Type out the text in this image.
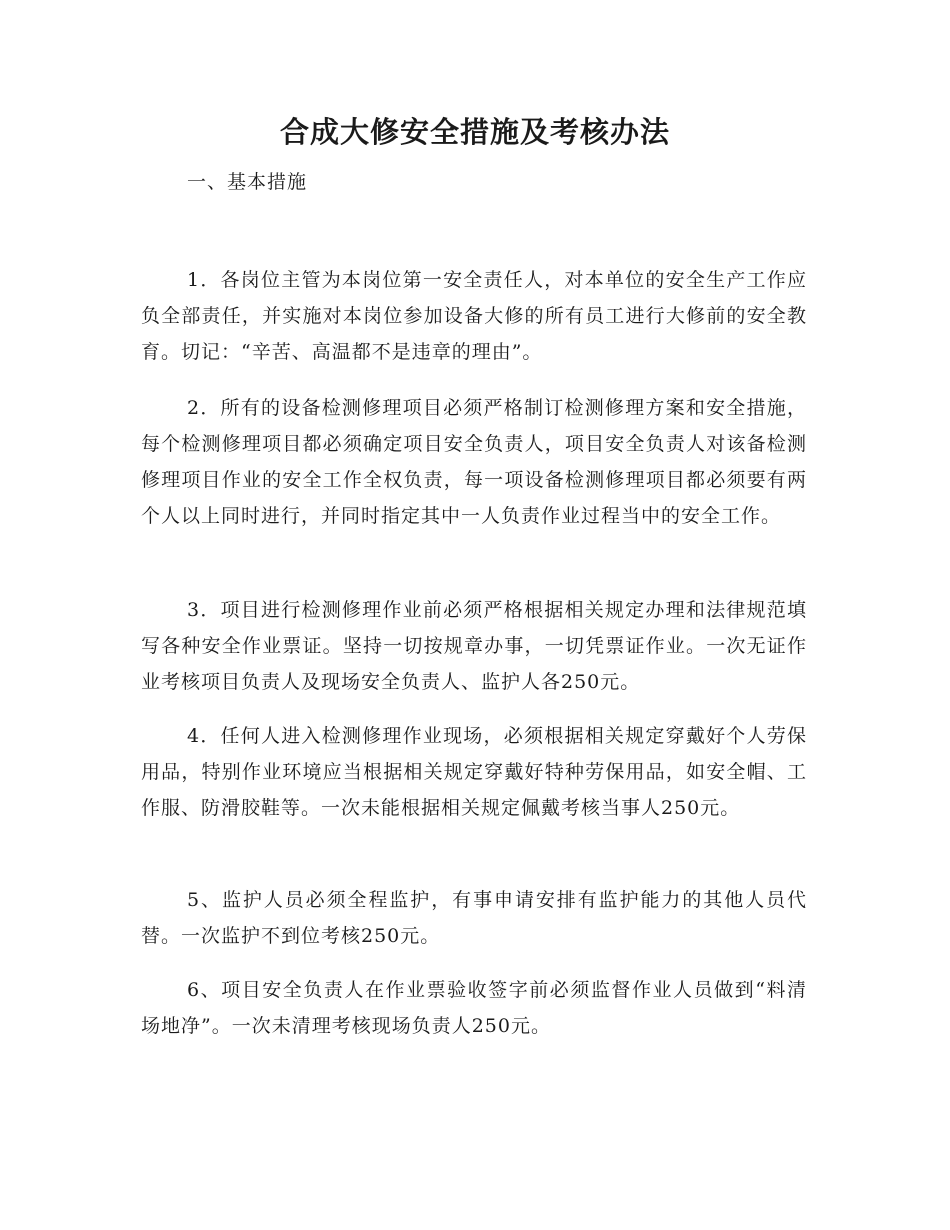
合成大修安全措施及考核办法

一、基本措施

1．各岗位主管为本岗位第一安全责任人，对本单位的安全生产工作应负全部责任，并实施对本岗位参加设备大修的所有员工进行大修前的安全教育。切记：“辛苦、高温都不是违章的理由”。

2．所有的设备检测修理项目必须严格制订检测修理方案和安全措施，每个检测修理项目都必须确定项目安全负责人，项目安全负责人对该备检测修理项目作业的安全工作全权负责，每一项设备检测修理项目都必须要有两个人以上同时进行，并同时指定其中一人负责作业过程当中的安全工作。

3．项目进行检测修理作业前必须严格根据相关规定办理和法律规范填写各种安全作业票证。坚持一切按规章办事，一切凭票证作业。一次无证作业考核项目负责人及现场安全负责人、监护人各250元。

4．任何人进入检测修理作业现场，必须根据相关规定穿戴好个人劳保用品，特别作业环境应当根据相关规定穿戴好特种劳保用品，如安全帽、工作服、防滑胶鞋等。一次未能根据相关规定佩戴考核当事人250元。

5、监护人员必须全程监护，有事申请安排有监护能力的其他人员代替。一次监护不到位考核250元。

6、项目安全负责人在作业票验收签字前必须监督作业人员做到“料清场地净”。一次未清理考核现场负责人250元。
